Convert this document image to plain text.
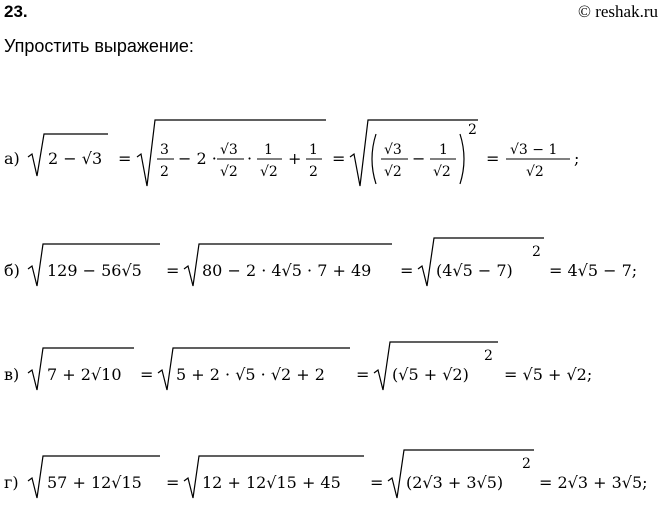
23.	© reshak.ru
Упростить выражение:
а) 2 − √3 = 3
2
− 2 · √3
√2
· 1
√2
+ 1
2
=	√3
√2
− 1
√2
2
= √3 − 1
√2
;
б) 129 − 56√5 = 80 − 2 · 4√5 · 7 + 49 = (4√5 − 7)
2
= 4√5 − 7;
в) 7 + 2√10 = 5 + 2 · √5 · √2 + 2 = (√5 + √2)
2
= √5 + √2;
г) 57 + 12√15 = 12 + 12√15 + 45 = (2√3 + 3√5)
2
= 2√3 + 3√5;
